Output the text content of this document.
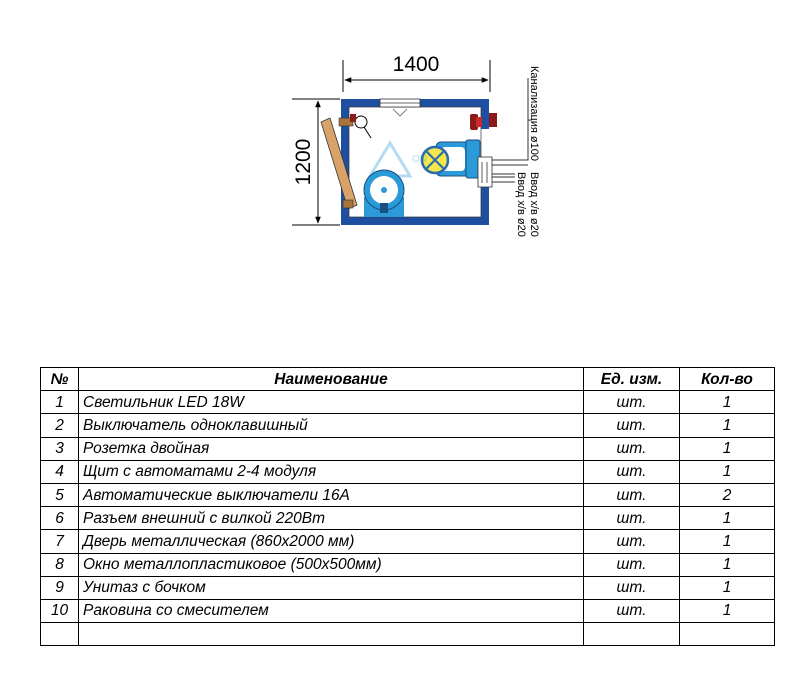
1400
1200	ON	Канализация ø100
Ввод х/в ø20
Ввод х/в ø20
№	Наименование	Ед. изм.	Кол-во
1	Светильник LED 18W	шт.	1
2	Выключатель одноклавишный	шт.	1
3	Розетка двойная	шт.	1
4	Щит с автоматами 2-4 модуля	шт.	1
5	Автоматические выключатели 16А	шт.	2
6	Разъем внешний с вилкой 220Вт	шт.	1
7	Дверь металлическая (860х2000 мм)	шт.	1
8	Окно металлопластиковое (500х500мм)	шт.	1
9	Унитаз с бочком	шт.	1
10	Раковина со смесителем	шт.	1
